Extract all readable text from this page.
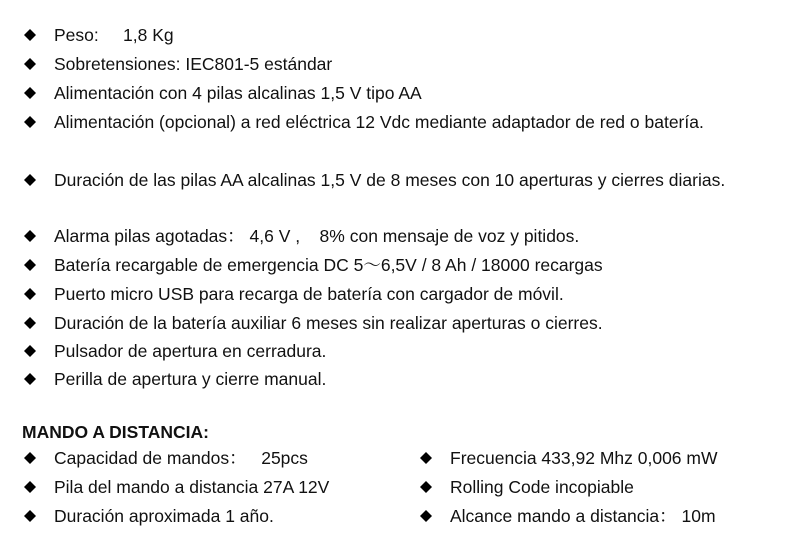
Peso:     1,8 Kg
Sobretensiones: IEC801-5 estándar
Alimentación con 4 pilas alcalinas 1,5 V tipo AA
Alimentación (opcional) a red eléctrica 12 Vdc mediante adaptador de red o batería.
Duración de las pilas AA alcalinas 1,5 V de 8 meses con 10 aperturas y cierres diarias.
Alarma pilas agotadas： 4,6 V ,    8% con mensaje de voz y pitidos.
Batería recargable de emergencia DC 5～6,5V / 8 Ah / 18000 recargas
Puerto micro USB para recarga de batería con cargador de móvil.
Duración de la batería auxiliar 6 meses sin realizar aperturas o cierres.
Pulsador de apertura en cerradura.
Perilla de apertura y cierre manual.
MANDO A DISTANCIA:
Capacidad de mandos：   25pcs
Pila del mando a distancia 27A 12V
Duración aproximada 1 año.
Frecuencia 433,92 Mhz 0,006 mW
Rolling Code incopiable
Alcance mando a distancia： 10m
